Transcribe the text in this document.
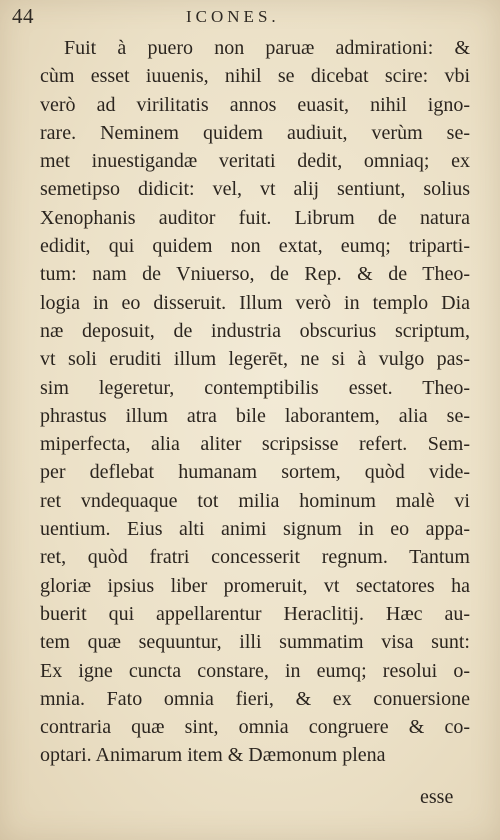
44	ICONES.
Fuit à puero non paruæ admirationi: &
cùm esset iuuenis, nihil se dicebat scire: vbi
verò ad virilitatis annos euasit, nihil igno-
rare. Neminem quidem audiuit, verùm se-
met inuestigandæ veritati dedit, omniaq; ex
semetipso didicit: vel, vt alij sentiunt, solius
Xenophanis auditor fuit. Librum de natura
edidit, qui quidem non extat, eumq; triparti-
tum: nam de Vniuerso, de Rep. & de Theo-
logia in eo disseruit. Illum verò in templo Dia
næ deposuit, de industria obscurius scriptum,
vt soli eruditi illum legerēt, ne si à vulgo pas-
sim legeretur, contemptibilis esset. Theo-
phrastus illum atra bile laborantem, alia se-
miperfecta, alia aliter scripsisse refert. Sem-
per deflebat humanam sortem, quòd vide-
ret vndequaque tot milia hominum malè vi
uentium. Eius alti animi signum in eo appa-
ret, quòd fratri concesserit regnum. Tantum
gloriæ ipsius liber promeruit, vt sectatores ha
buerit qui appellarentur Heraclitij. Hæc au-
tem quæ sequuntur, illi summatim visa sunt:
Ex igne cuncta constare, in eumq; resolui o-
mnia. Fato omnia fieri, & ex conuersione
contraria quæ sint, omnia congruere & co-
optari. Animarum item & Dæmonum plena
esse
